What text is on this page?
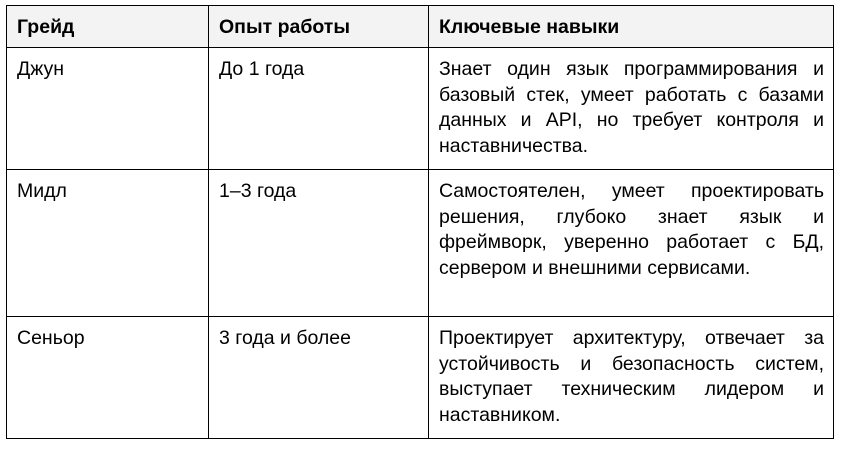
Грейд	Опыт работы	Ключевые навыки
Джун	До 1 года	Знает один язык программирования и базовый стек, умеет работать с базами данных и API, но требует контроля и наставничества.
Мидл	1–3 года	Самостоятелен, умеет проектировать решения, глубоко знает язык и фреймворк, уверенно работает с БД, сервером и внешними сервисами.
Сеньор	3 года и более	Проектирует архитектуру, отвечает за устойчивость и безопасность систем, выступает техническим лидером и наставником.
